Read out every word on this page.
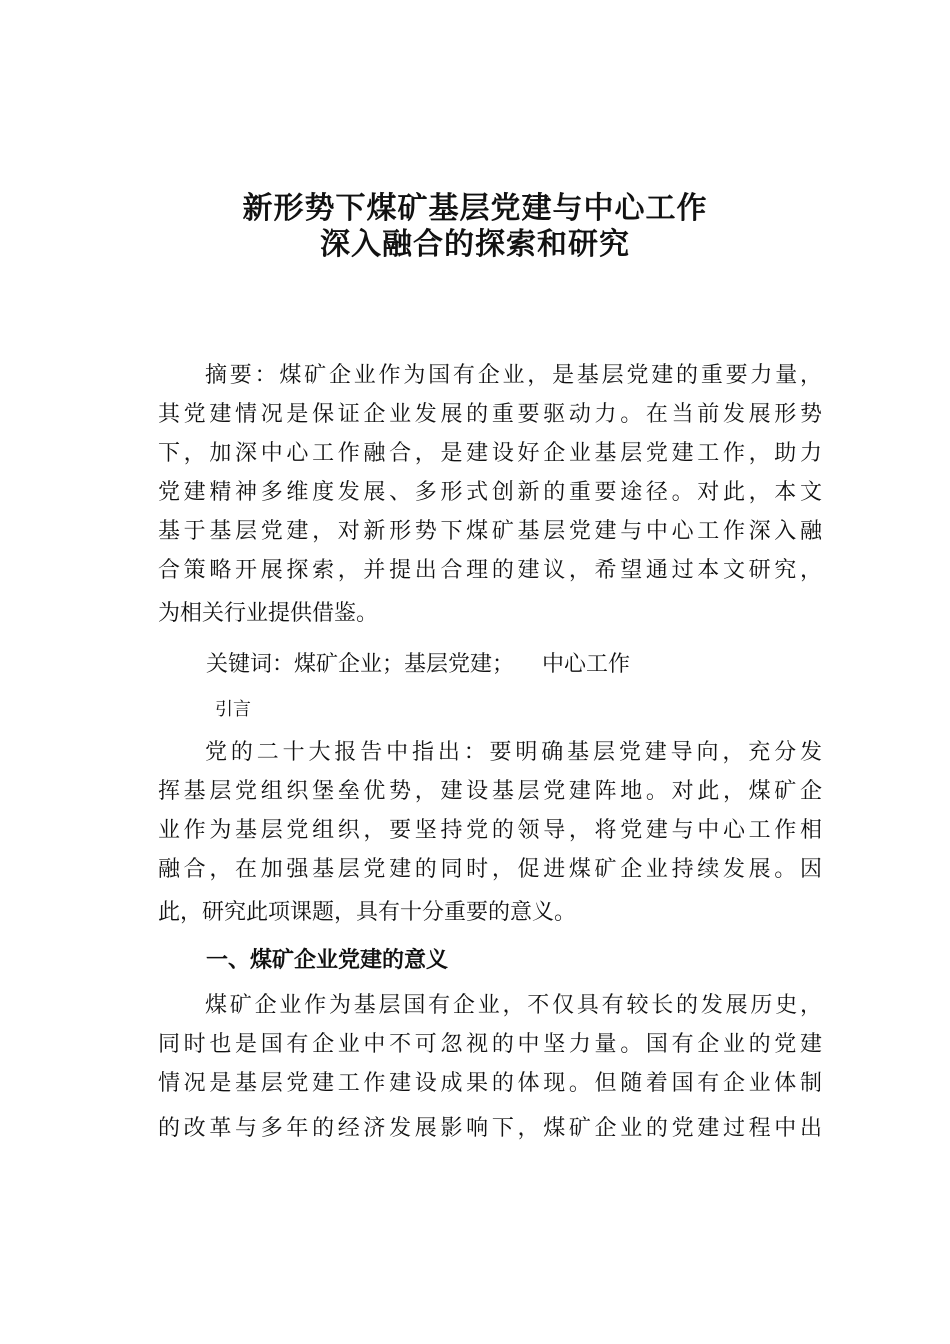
新形势下煤矿基层党建与中心工作
深入融合的探索和研究
摘要：煤矿企业作为国有企业，是基层党建的重要力量，
其党建情况是保证企业发展的重要驱动力。在当前发展形势
下，加深中心工作融合，是建设好企业基层党建工作，助力
党建精神多维度发展、多形式创新的重要途径。对此，本文
基于基层党建，对新形势下煤矿基层党建与中心工作深入融
合策略开展探索，并提出合理的建议，希望通过本文研究，
为相关行业提供借鉴。
关键词：煤矿企业；基层党建；    中心工作
引言
党的二十大报告中指出：要明确基层党建导向，充分发
挥基层党组织堡垒优势，建设基层党建阵地。对此，煤矿企
业作为基层党组织，要坚持党的领导，将党建与中心工作相
融合，在加强基层党建的同时，促进煤矿企业持续发展。因
此，研究此项课题，具有十分重要的意义。
一、煤矿企业党建的意义
煤矿企业作为基层国有企业，不仅具有较长的发展历史，
同时也是国有企业中不可忽视的中坚力量。国有企业的党建
情况是基层党建工作建设成果的体现。但随着国有企业体制
的改革与多年的经济发展影响下，煤矿企业的党建过程中出
